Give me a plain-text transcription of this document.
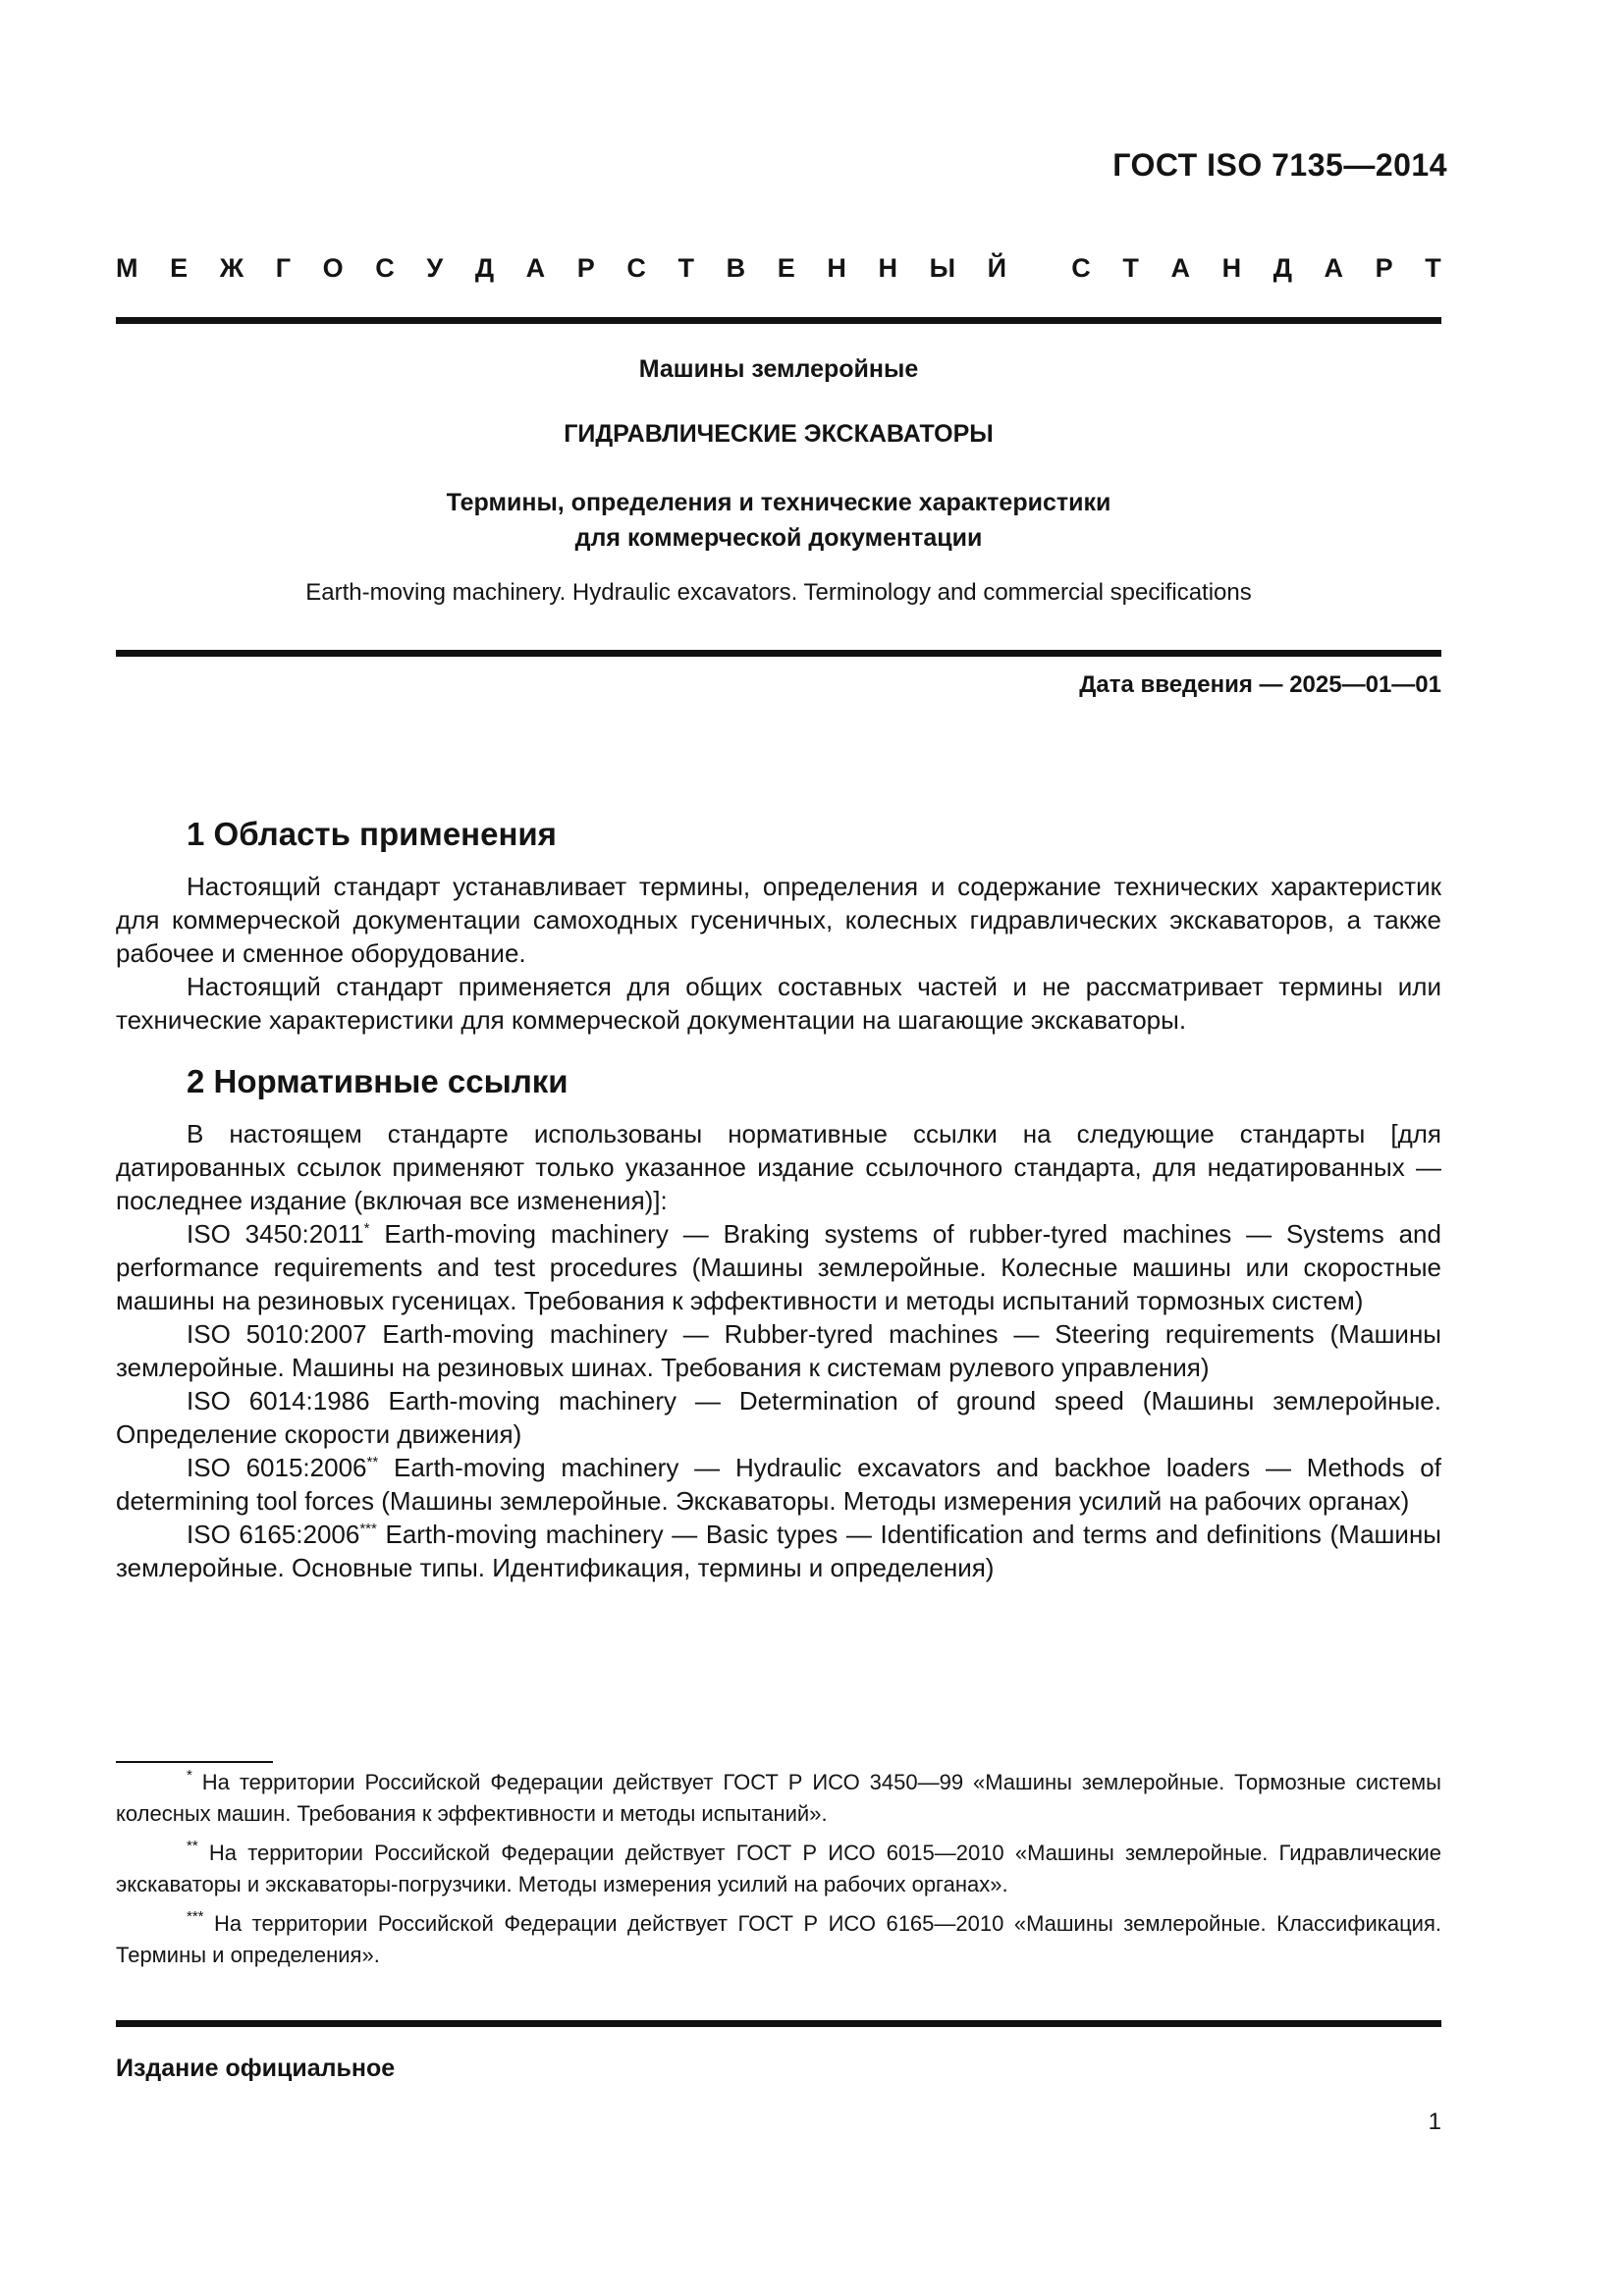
ГОСТ ISO 7135—2014
М Е Ж Г О С У Д А Р С Т В Е Н Н Ы Й С Т А Н Д А Р Т
Машины землеройные
ГИДРАВЛИЧЕСКИЕ ЭКСКАВАТОРЫ
Термины, определения и технические характеристики
для коммерческой документации
Earth-moving machinery. Hydraulic excavators. Terminology and commercial specifications
Дата введения — 2025—01—01
1 Область применения

Настоящий стандарт устанавливает термины, определения и содержание технических характеристик для коммерческой документации самоходных гусеничных, колесных гидравлических экскаваторов, а также рабочее и сменное оборудование.

Настоящий стандарт применяется для общих составных частей и не рассматривает термины или технические характеристики для коммерческой документации на шагающие экскаваторы.

2 Нормативные ссылки

В настоящем стандарте использованы нормативные ссылки на следующие стандарты [для датированных ссылок применяют только указанное издание ссылочного стандарта, для недатированных — последнее издание (включая все изменения)]:

ISO 3450:2011* Earth-moving machinery — Braking systems of rubber-tyred machines — Systems and performance requirements and test procedures (Машины землеройные. Колесные машины или скоростные машины на резиновых гусеницах. Требования к эффективности и методы испытаний тормозных систем)

ISO 5010:2007 Earth-moving machinery — Rubber-tyred machines — Steering requirements (Машины землеройные. Машины на резиновых шинах. Требования к системам рулевого управления)

ISO 6014:1986 Earth-moving machinery — Determination of ground speed (Машины землеройные. Определение скорости движения)

ISO 6015:2006** Earth-moving machinery — Hydraulic excavators and backhoe loaders — Methods of determining tool forces (Машины землеройные. Экскаваторы. Методы измерения усилий на рабочих органах)

ISO 6165:2006*** Earth-moving machinery — Basic types — Identification and terms and definitions (Машины землеройные. Основные типы. Идентификация, термины и определения)

* На территории Российской Федерации действует ГОСТ Р ИСО 3450—99 «Машины землеройные. Тормозные системы колесных машин. Требования к эффективности и методы испытаний».

** На территории Российской Федерации действует ГОСТ Р ИСО 6015—2010 «Машины землеройные. Гидравлические экскаваторы и экскаваторы-погрузчики. Методы измерения усилий на рабочих органах».

*** На территории Российской Федерации действует ГОСТ Р ИСО 6165—2010 «Машины землеройные. Классификация. Термины и определения».

Издание официальное
1
